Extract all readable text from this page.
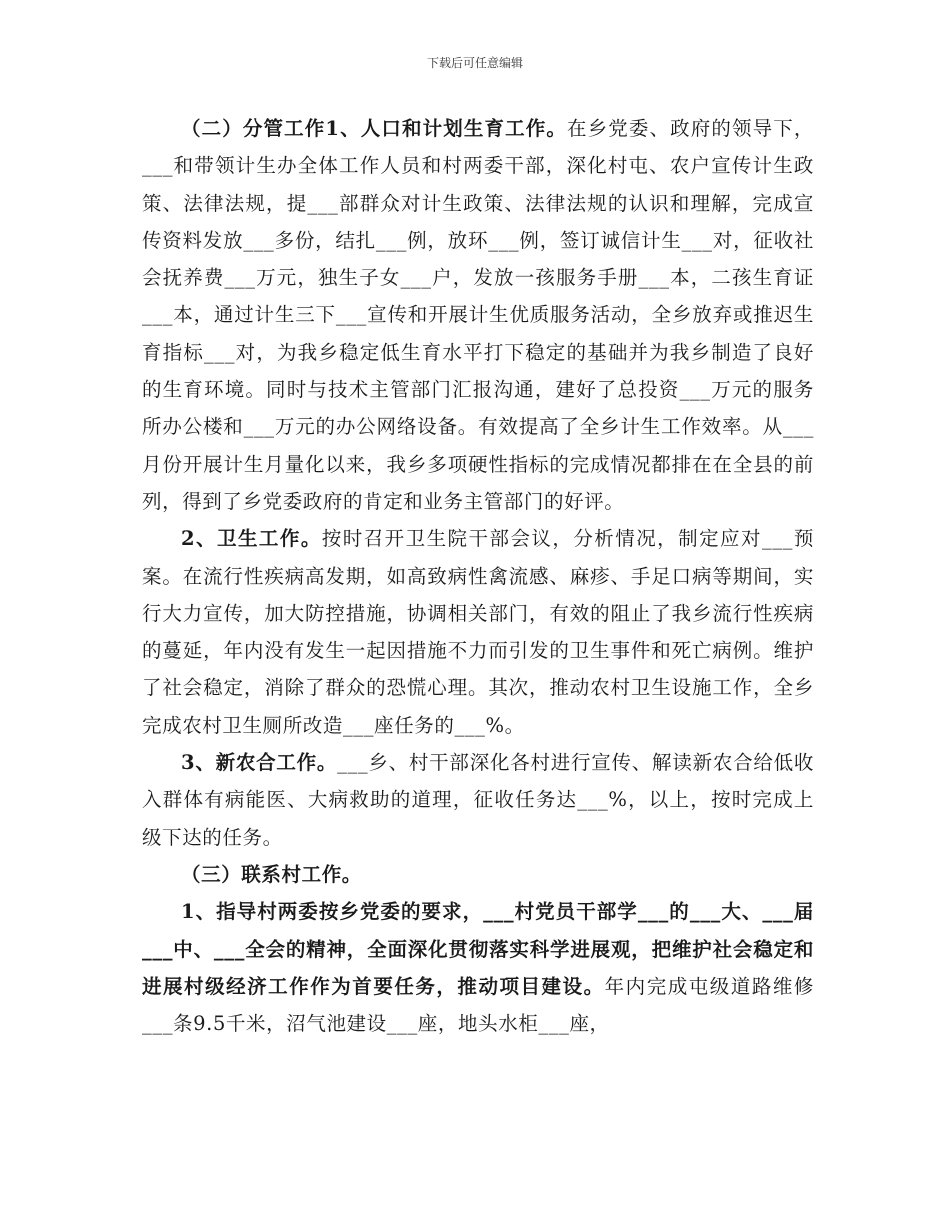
下载后可任意编辑

（二）分管工作1、人口和计划生育工作。在乡党委、政府的领导下，___和带领计生办全体工作人员和村两委干部，深化村屯、农户宣传计生政策、法律法规，提___部群众对计生政策、法律法规的认识和理解，完成宣传资料发放___多份，结扎___例，放环___例，签订诚信计生___对，征收社会抚养费___万元，独生子女___户，发放一孩服务手册___本，二孩生育证___本，通过计生三下___宣传和开展计生优质服务活动，全乡放弃或推迟生育指标___对，为我乡稳定低生育水平打下稳定的基础并为我乡制造了良好的生育环境。同时与技术主管部门汇报沟通，建好了总投资___万元的服务所办公楼和___万元的办公网络设备。有效提高了全乡计生工作效率。从___月份开展计生月量化以来，我乡多项硬性指标的完成情况都排在在全县的前列，得到了乡党委政府的肯定和业务主管部门的好评。

2、卫生工作。按时召开卫生院干部会议，分析情况，制定应对___预案。在流行性疾病高发期，如高致病性禽流感、麻疹、手足口病等期间，实行大力宣传，加大防控措施，协调相关部门，有效的阻止了我乡流行性疾病的蔓延，年内没有发生一起因措施不力而引发的卫生事件和死亡病例。维护了社会稳定，消除了群众的恐慌心理。其次，推动农村卫生设施工作，全乡完成农村卫生厕所改造___座任务的___%。

3、新农合工作。___乡、村干部深化各村进行宣传、解读新农合给低收入群体有病能医、大病救助的道理，征收任务达___%，以上，按时完成上级下达的任务。

（三）联系村工作。

1、指导村两委按乡党委的要求，___村党员干部学___的___大、___届___中、___全会的精神，全面深化贯彻落实科学进展观，把维护社会稳定和进展村级经济工作作为首要任务，推动项目建设。年内完成屯级道路维修___条9.5千米，沼气池建设___座，地头水柜___座，
